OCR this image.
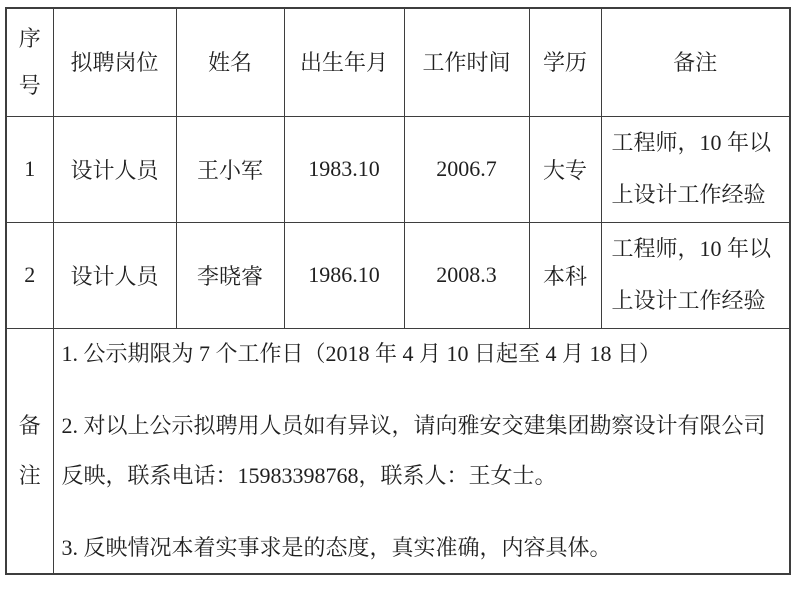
序号	拟聘岗位	姓名	出生年月	工作时间	学历	备注
1	设计人员	王小军	1983.10	2006.7	大专	工程师，10 年以上设计工作经验
2	设计人员	李晓睿	1986.10	2008.3	本科	工程师，10 年以上设计工作经验
备注	1. 公示期限为 7 个工作日（2018 年 4 月 10 日起至 4 月 18 日）

2. 对以上公示拟聘用人员如有异议，请向雅安交建集团勘察设计有限公司反映，联系电话：15983398768，联系人：王女士。

3. 反映情况本着实事求是的态度，真实准确，内容具体。					
